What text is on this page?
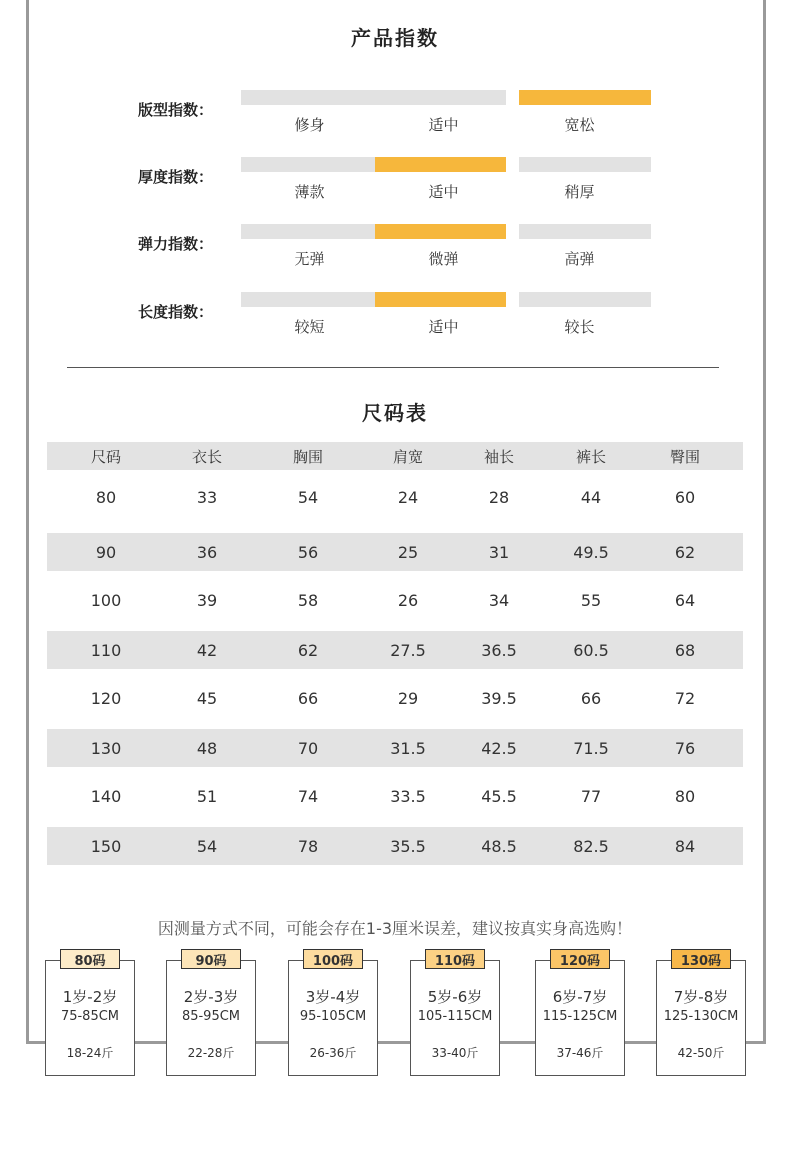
产品指数
版型指数：
修身	适中	宽松
厚度指数：
薄款	适中	稍厚
弹力指数：
无弹	微弹	高弹
长度指数：
较短	适中	较长
尺码表
尺码	衣长	胸围	肩宽	袖长	裤长	臀围
80	33	54	24	28	44	60
90	36	56	25	31	49.5	62
100	39	58	26	34	55	64
110	42	62	27.5	36.5	60.5	68
120	45	66	29	39.5	66	72
130	48	70	31.5	42.5	71.5	76
140	51	74	33.5	45.5	77	80
150	54	78	35.5	48.5	82.5	84
因测量方式不同，可能会存在1-3厘米误差，建议按真实身高选购！
80码
1岁-2岁
75-85CM
18-24斤
90码
2岁-3岁
85-95CM
22-28斤
100码
3岁-4岁
95-105CM
26-36斤
110码
5岁-6岁
105-115CM
33-40斤
120码
6岁-7岁
115-125CM
37-46斤
130码
7岁-8岁
125-130CM
42-50斤
